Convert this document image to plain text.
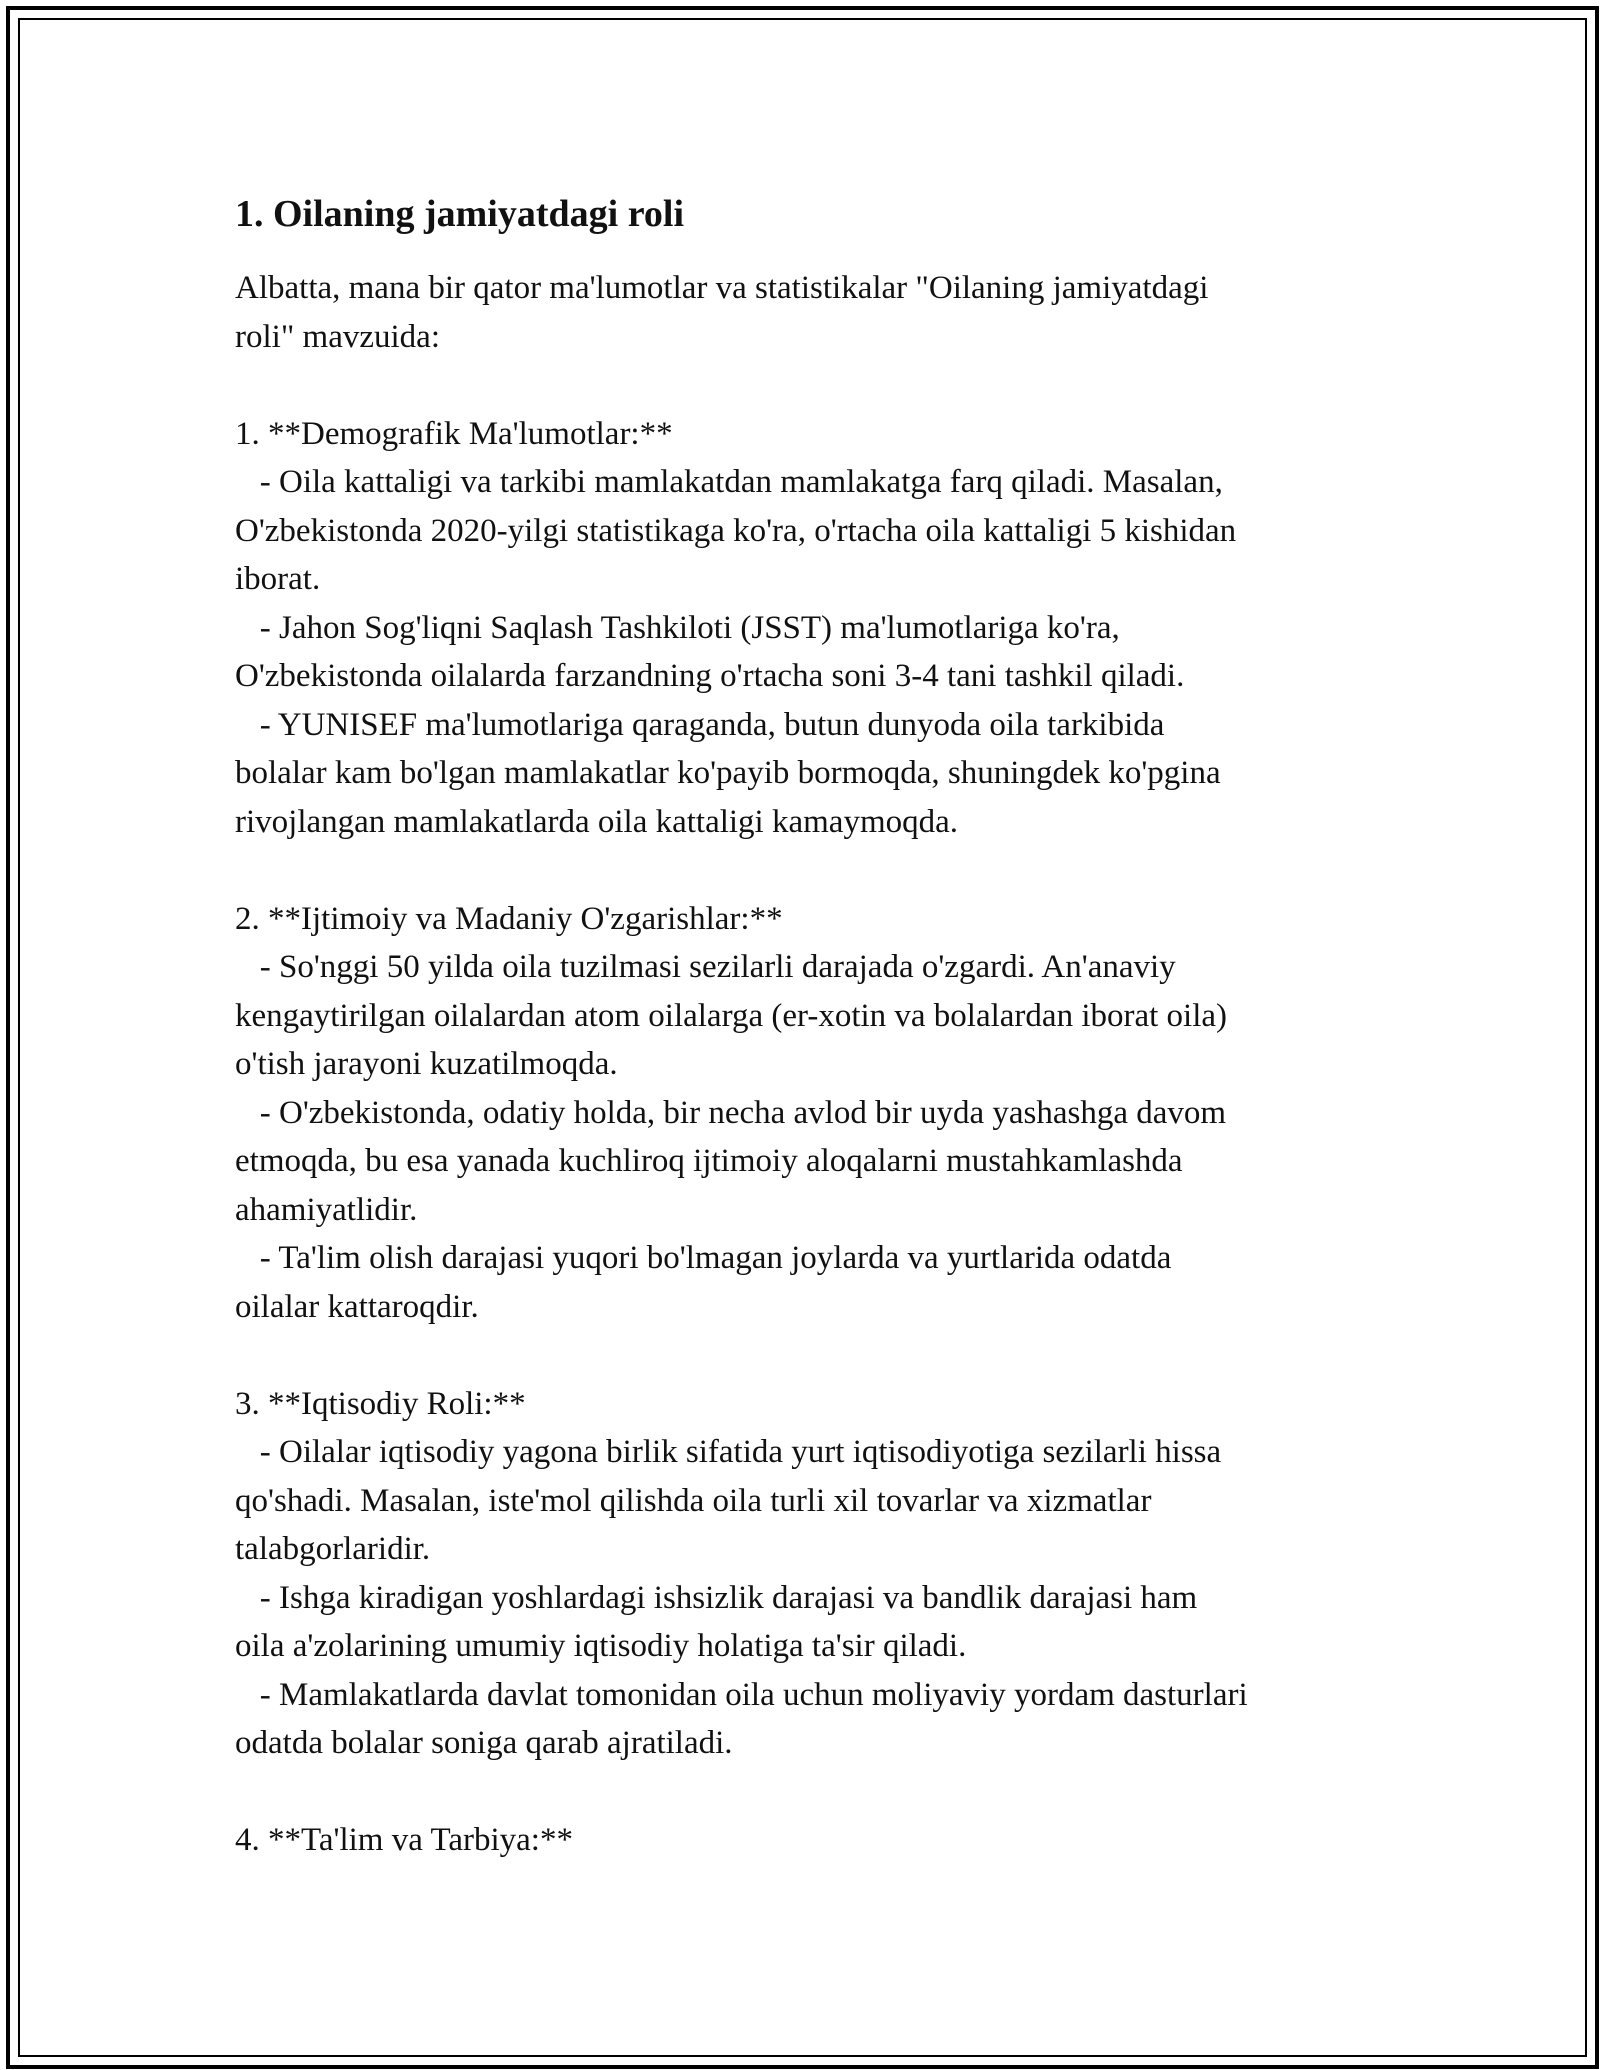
1. Oilaning jamiyatdagi roli

Albatta, mana bir qator ma'lumotlar va statistikalar "Oilaning jamiyatdagi
roli" mavzuida:

1. **Demografik Ma'lumotlar:**
- Oila kattaligi va tarkibi mamlakatdan mamlakatga farq qiladi. Masalan,
O'zbekistonda 2020-yilgi statistikaga ko'ra, o'rtacha oila kattaligi 5 kishidan
iborat.
- Jahon Sog'liqni Saqlash Tashkiloti (JSST) ma'lumotlariga ko'ra,
O'zbekistonda oilalarda farzandning o'rtacha soni 3-4 tani tashkil qiladi.
- YUNISEF ma'lumotlariga qaraganda, butun dunyoda oila tarkibida
bolalar kam bo'lgan mamlakatlar ko'payib bormoqda, shuningdek ko'pgina
rivojlangan mamlakatlarda oila kattaligi kamaymoqda.

2. **Ijtimoiy va Madaniy O'zgarishlar:**
- So'nggi 50 yilda oila tuzilmasi sezilarli darajada o'zgardi. An'anaviy
kengaytirilgan oilalardan atom oilalarga (er-xotin va bolalardan iborat oila)
o'tish jarayoni kuzatilmoqda.
- O'zbekistonda, odatiy holda, bir necha avlod bir uyda yashashga davom
etmoqda, bu esa yanada kuchliroq ijtimoiy aloqalarni mustahkamlashda
ahamiyatlidir.
- Ta'lim olish darajasi yuqori bo'lmagan joylarda va yurtlarida odatda
oilalar kattaroqdir.

3. **Iqtisodiy Roli:**
- Oilalar iqtisodiy yagona birlik sifatida yurt iqtisodiyotiga sezilarli hissa
qo'shadi. Masalan, iste'mol qilishda oila turli xil tovarlar va xizmatlar
talabgorlaridir.
- Ishga kiradigan yoshlardagi ishsizlik darajasi va bandlik darajasi ham
oila a'zolarining umumiy iqtisodiy holatiga ta'sir qiladi.
- Mamlakatlarda davlat tomonidan oila uchun moliyaviy yordam dasturlari
odatda bolalar soniga qarab ajratiladi.

4. **Ta'lim va Tarbiya:**
